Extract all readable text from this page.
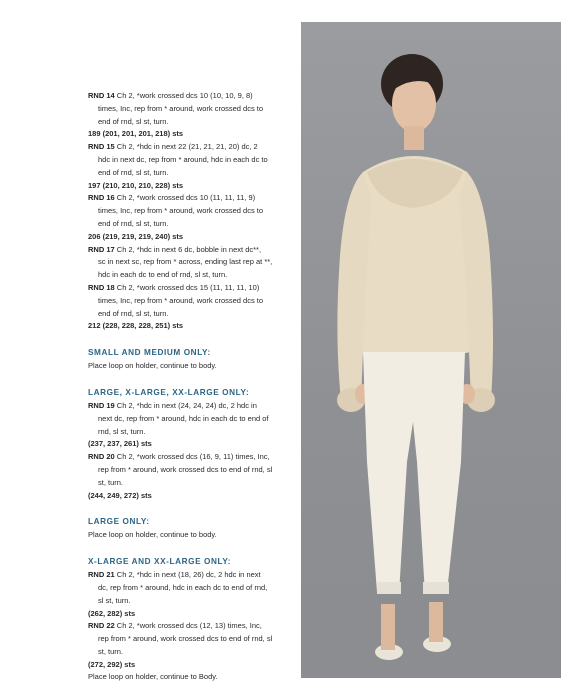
RND 14 Ch 2, *work crossed dcs 10 (10, 10, 9, 8)
times, Inc, rep from * around, work crossed dcs to
end of rnd, sl st, turn.
189 (201, 201, 201, 218) sts

RND 15 Ch 2, *hdc in next 22 (21, 21, 21, 20) dc, 2
hdc in next dc, rep from * around, hdc in each dc to
end of rnd, sl st, turn.
197 (210, 210, 210, 228) sts

RND 16 Ch 2, *work crossed dcs 10 (11, 11, 11, 9)
times, Inc, rep from * around, work crossed dcs to
end of rnd, sl st, turn.
206 (219, 219, 219, 240) sts

RND 17 Ch 2, *hdc in next 6 dc, bobble in next dc**,
sc in next sc, rep from * across, ending last rep at **,
hdc in each dc to end of rnd, sl st, turn.

RND 18 Ch 2, *work crossed dcs 15 (11, 11, 11, 10)
times, Inc, rep from * around, work crossed dcs to
end of rnd, sl st, turn.
212 (228, 228, 228, 251) sts

SMALL AND MEDIUM ONLY:

Place loop on holder, continue to body.

LARGE, X-LARGE, XX-LARGE ONLY:

RND 19 Ch 2, *hdc in next (24, 24, 24) dc, 2 hdc in
next dc, rep from * around, hdc in each dc to end of
rnd, sl st, turn.
(237, 237, 261) sts

RND 20 Ch 2, *work crossed dcs (16, 9, 11) times, Inc,
rep from * around, work crossed dcs to end of rnd, sl
st, turn.
(244, 249, 272) sts

LARGE ONLY:

Place loop on holder, continue to body.

X-LARGE AND XX-LARGE ONLY:

RND 21 Ch 2, *hdc in next (18, 26) dc, 2 hdc in next
dc, rep from * around, hdc in each dc to end of rnd,
sl st, turn.
(262, 282) sts

RND 22 Ch 2, *work crossed dcs (12, 13) times, Inc,
rep from * around, work crossed dcs to end of rnd, sl
st, turn.
(272, 292) sts

Place loop on holder, continue to Body.
